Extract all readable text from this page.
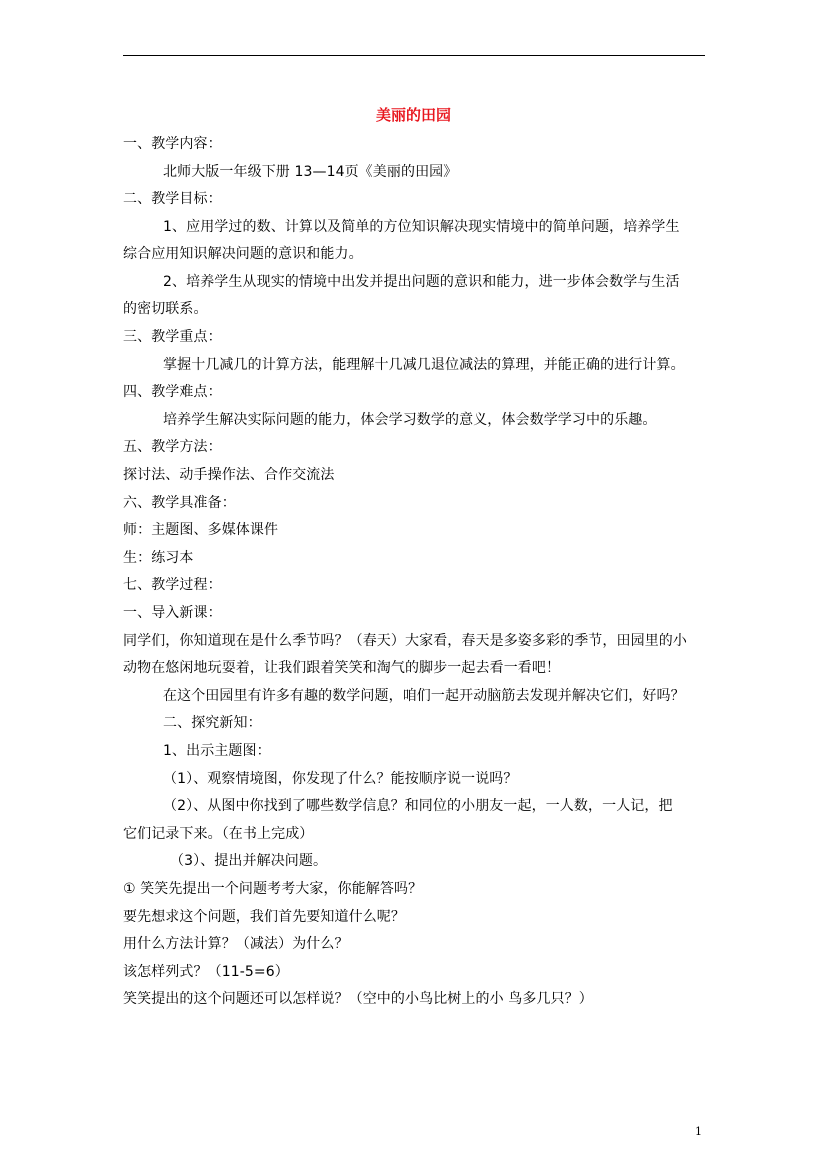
美丽的田园
一、教学内容：
北师大版一年级下册 13—14页《美丽的田园》
二、教学目标：
1、应用学过的数、计算以及简单的方位知识解决现实情境中的简单问题，培养学生
综合应用知识解决问题的意识和能力。
2、培养学生从现实的情境中出发并提出问题的意识和能力，进一步体会数学与生活
的密切联系。
三、教学重点：
掌握十几减几的计算方法，能理解十几减几退位减法的算理，并能正确的进行计算。
四、教学难点：
培养学生解决实际问题的能力，体会学习数学的意义，体会数学学习中的乐趣。
五、教学方法：
探讨法、动手操作法、合作交流法
六、教学具准备：
师：主题图、多媒体课件
生：练习本
七、教学过程：
一、导入新课：
同学们，你知道现在是什么季节吗？（春天）大家看，春天是多姿多彩的季节，田园里的小
动物在悠闲地玩耍着，让我们跟着笑笑和淘气的脚步一起去看一看吧！
在这个田园里有许多有趣的数学问题，咱们一起开动脑筋去发现并解决它们，好吗？
二、探究新知：
1、出示主题图：
（1）、观察情境图，你发现了什么？能按顺序说一说吗？
（2）、从图中你找到了哪些数学信息？和同位的小朋友一起，一人数，一人记，把
它们记录下来。（在书上完成）
（3）、提出并解决问题。
① 笑笑先提出一个问题考考大家，你能解答吗？
要先想求这个问题，我们首先要知道什么呢？
用什么方法计算？（减法）为什么？
该怎样列式？（11-5=6）
笑笑提出的这个问题还可以怎样说？（空中的小鸟比树上的小 鸟多几只？）
1
